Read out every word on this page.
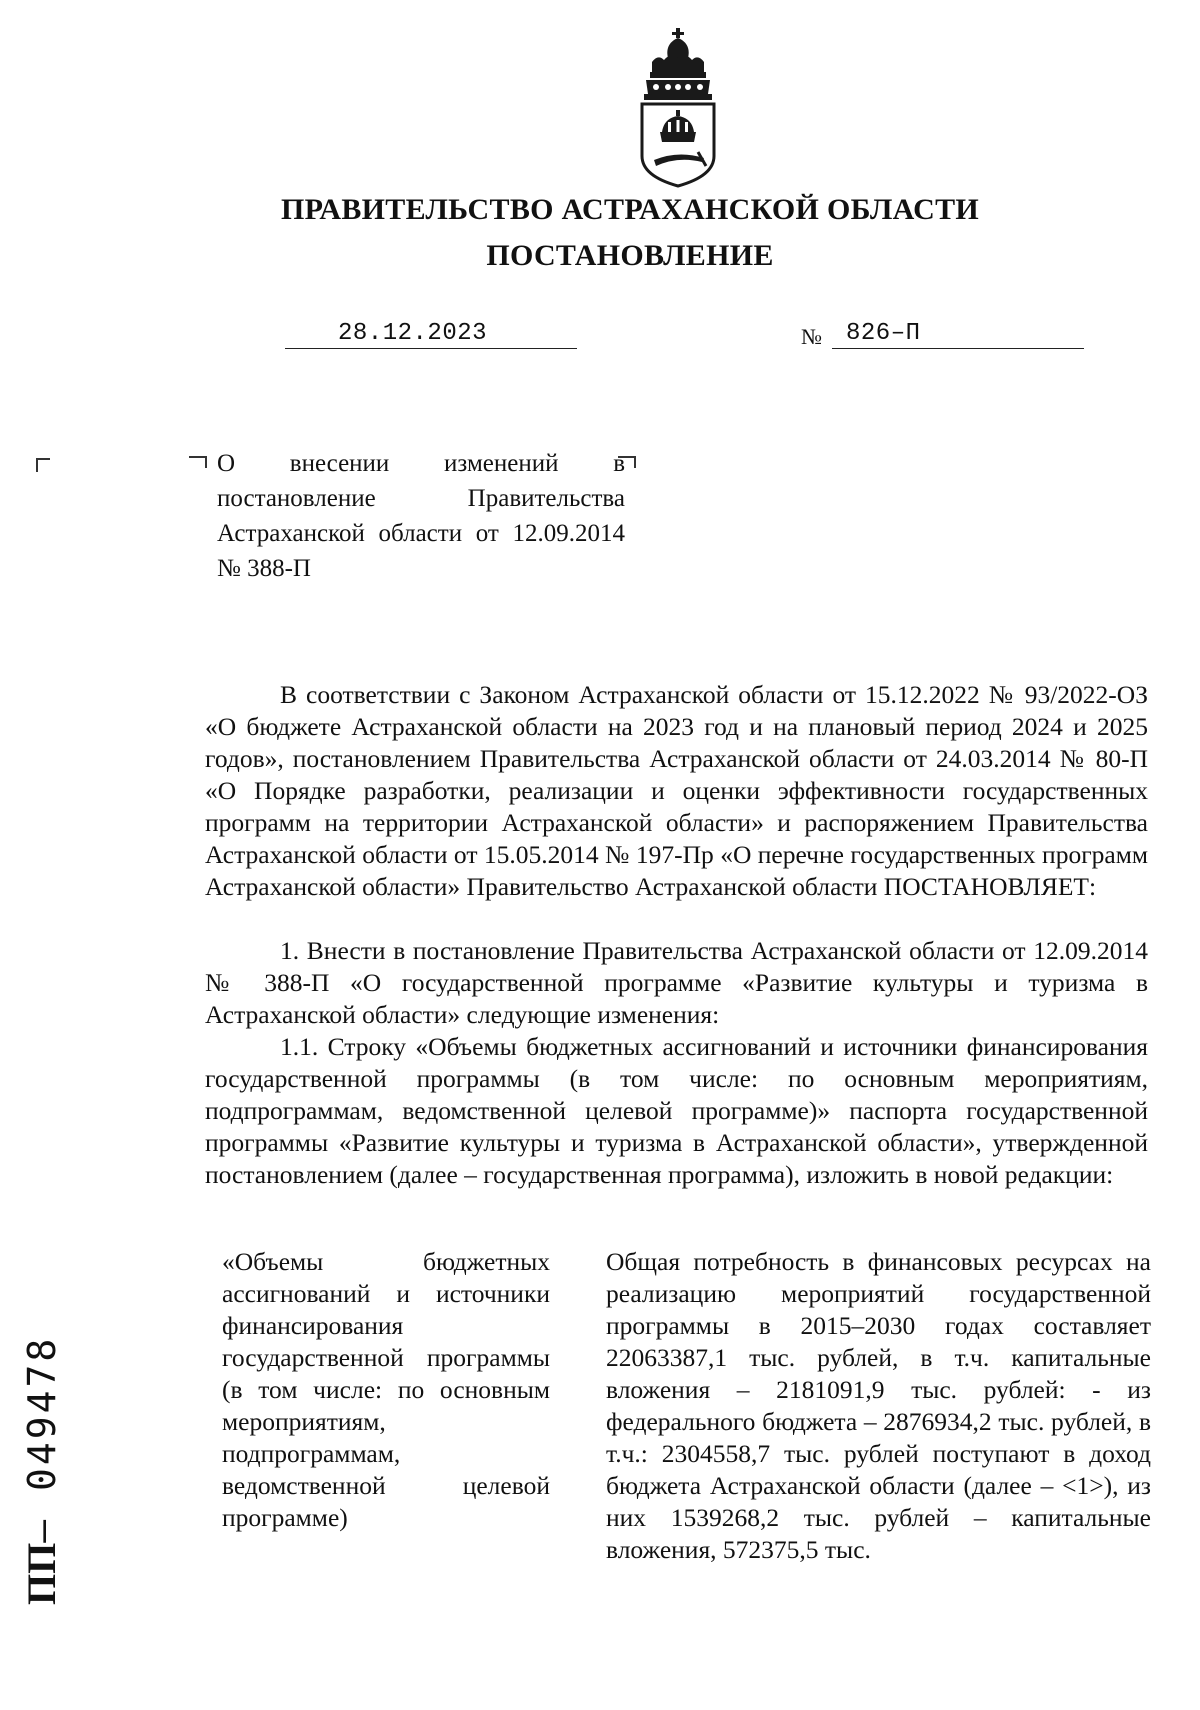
ПРАВИТЕЛЬСТВО АСТРАХАНСКОЙ ОБЛАСТИ
ПОСТАНОВЛЕНИЕ
28.12.2023	№ 826–П
О внесении изменений в постановление Правительства Астраханской области от 12.09.2014 № 388-П
В соответствии с Законом Астраханской области от 15.12.2022 № 93/2022-ОЗ «О бюджете Астраханской области на 2023 год и на плановый период 2024 и 2025 годов», постановлением Правительства Астраханской области от 24.03.2014 № 80-П «О Порядке разработки, реализации и оценки эффективности государственных программ на территории Астраханской области» и распоряжением Правительства Астраханской области от 15.05.2014 № 197-Пр «О перечне государственных программ Астраханской области» Правительство Астраханской области ПОСТАНОВЛЯЕТ:
1. Внести в постановление Правительства Астраханской области от 12.09.2014 № 388-П «О государственной программе «Развитие культуры и туризма в Астраханской области» следующие изменения:
1.1. Строку «Объемы бюджетных ассигнований и источники финансирования государственной программы (в том числе: по основным мероприятиям, подпрограммам, ведомственной целевой программе)» паспорта государственной программы «Развитие культуры и туризма в Астраханской области», утвержденной постановлением (далее – государственная программа), изложить в новой редакции:
«Объемы бюджетных ассигнований и источники финансирования государственной программы (в том числе: по основным мероприятиям, подпрограммам, ведомственной целевой программе)
Общая потребность в финансовых ресурсах на реализацию мероприятий государственной программы в 2015–2030 годах составляет 22063387,1 тыс. рублей, в т.ч. капитальные вложения – 2181091,9 тыс. рублей: - из федерального бюджета – 2876934,2 тыс. рублей, в т.ч.: 2304558,7 тыс. рублей поступают в доход бюджета Астраханской области (далее – <1>), из них 1539268,2 тыс. рублей – капитальные вложения, 572375,5 тыс.
ПП– 049478
